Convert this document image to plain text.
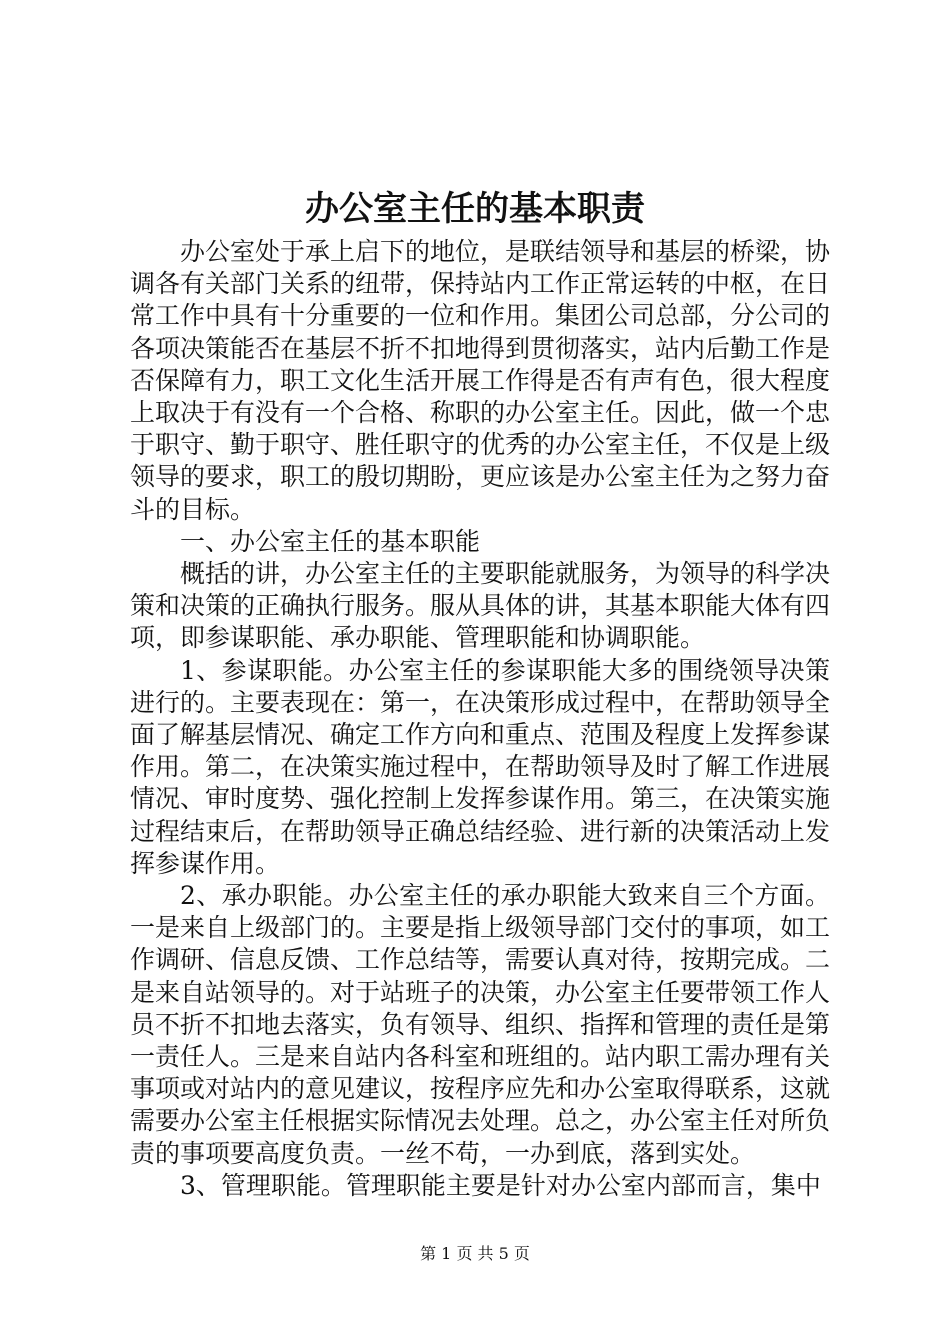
办公室主任的基本职责

办公室处于承上启下的地位，是联结领导和基层的桥梁，协调各有关部门关系的纽带，保持站内工作正常运转的中枢，在日常工作中具有十分重要的一位和作用。集团公司总部，分公司的各项决策能否在基层不折不扣地得到贯彻落实，站内后勤工作是否保障有力，职工文化生活开展工作得是否有声有色，很大程度上取决于有没有一个合格、称职的办公室主任。因此，做一个忠于职守、勤于职守、胜任职守的优秀的办公室主任，不仅是上级领导的要求，职工的殷切期盼，更应该是办公室主任为之努力奋斗的目标。

一、办公室主任的基本职能

概括的讲，办公室主任的主要职能就服务，为领导的科学决策和决策的正确执行服务。服从具体的讲，其基本职能大体有四项，即参谋职能、承办职能、管理职能和协调职能。

1、参谋职能。办公室主任的参谋职能大多的围绕领导决策进行的。主要表现在：第一，在决策形成过程中，在帮助领导全面了解基层情况、确定工作方向和重点、范围及程度上发挥参谋作用。第二，在决策实施过程中，在帮助领导及时了解工作进展情况、审时度势、强化控制上发挥参谋作用。第三，在决策实施过程结束后，在帮助领导正确总结经验、进行新的决策活动上发挥参谋作用。

2、承办职能。办公室主任的承办职能大致来自三个方面。一是来自上级部门的。主要是指上级领导部门交付的事项，如工作调研、信息反馈、工作总结等，需要认真对待，按期完成。二是来自站领导的。对于站班子的决策，办公室主任要带领工作人员不折不扣地去落实，负有领导、组织、指挥和管理的责任是第一责任人。三是来自站内各科室和班组的。站内职工需办理有关事项或对站内的意见建议，按程序应先和办公室取得联系，这就需要办公室主任根据实际情况去处理。总之，办公室主任对所负责的事项要高度负责。一丝不苟，一办到底，落到实处。

3、管理职能。管理职能主要是针对办公室内部而言，集中

第 1 页 共 5 页
